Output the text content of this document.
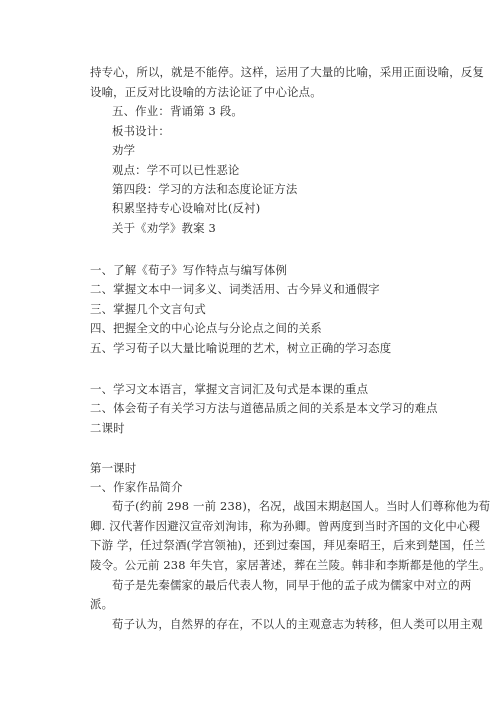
持专心，所以，就是不能停。这样，运用了大量的比喻，采用正面设喻，反复
设喻，正反对比设喻的方法论证了中心论点。
五、作业：背诵第 3 段。
板书设计：
劝学
观点：学不可以已性恶论
第四段：学习的方法和态度论证方法
积累坚持专心设喻对比(反衬)
关于《劝学》教案 3
一、了解《荀子》写作特点与编写体例
二、掌握文本中一词多义、词类活用、古今异义和通假字
三、掌握几个文言句式
四、把握全文的中心论点与分论点之间的关系
五、学习荀子以大量比喻说理的艺术，树立正确的学习态度
一、学习文本语言，掌握文言词汇及句式是本课的重点
二、体会荀子有关学习方法与道德品质之间的关系是本文学习的难点
二课时
第一课时
一、作家作品简介
荀子(约前 298 一前 238)，名况，战国末期赵国人。当时人们尊称他为荀
卿. 汉代著作因避汉宣帝刘洵讳，称为孙卿。曾两度到当时齐国的文化中心稷
下游 学，任过祭酒(学宫领袖)，还到过秦国，拜见秦昭王，后来到楚国，任兰
陵令。公元前 238 年失官，家居著述，葬在兰陵。韩非和李斯都是他的学生。
荀子是先秦儒家的最后代表人物，同早于他的孟子成为儒家中对立的两
派。
荀子认为，自然界的存在，不以人的主观意志为转移，但人类可以用主观
